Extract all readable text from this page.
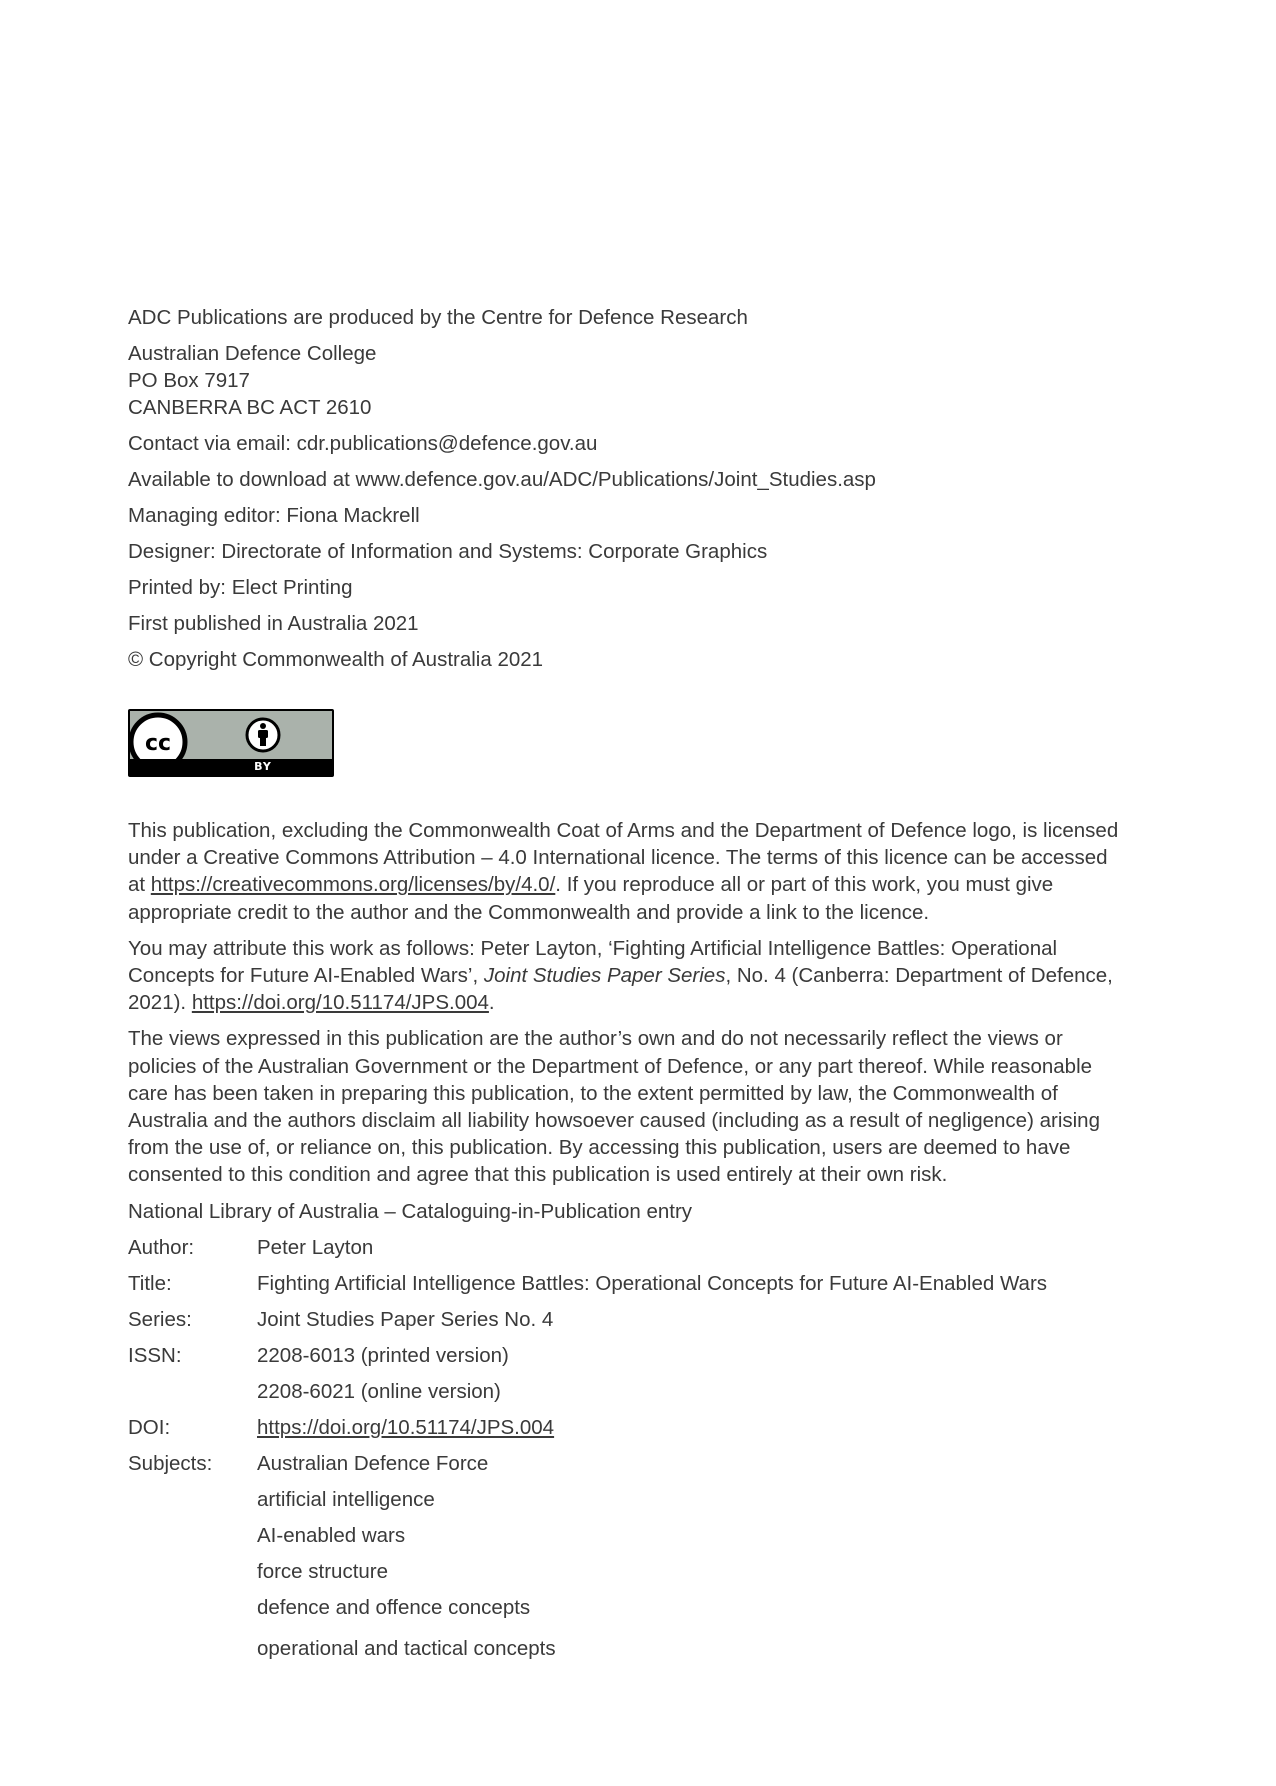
ADC Publications are produced by the Centre for Defence Research

Australian Defence College

PO Box 7917

CANBERRA BC ACT 2610

Contact via email: cdr.publications@defence.gov.au

Available to download at www.defence.gov.au/ADC/Publications/Joint_Studies.asp

Managing editor: Fiona Mackrell

Designer: Directorate of Information and Systems: Corporate Graphics

Printed by: Elect Printing

First published in Australia 2021

© Copyright Commonwealth of Australia 2021

cc
BY

This publication, excluding the Commonwealth Coat of Arms and the Department of Defence logo, is licensed under a Creative Commons Attribution – 4.0 International licence. The terms of this licence can be accessed at https://creativecommons.org/licenses/by/4.0/. If you reproduce all or part of this work, you must give appropriate credit to the author and the Commonwealth and provide a link to the licence.

You may attribute this work as follows: Peter Layton, ‘Fighting Artificial Intelligence Battles: Operational Concepts for Future AI-Enabled Wars’, Joint Studies Paper Series, No. 4 (Canberra: Department of Defence, 2021). https://doi.org/10.51174/JPS.004.

The views expressed in this publication are the author’s own and do not necessarily reflect the views or policies of the Australian Government or the Department of Defence, or any part thereof. While reasonable care has been taken in preparing this publication, to the extent permitted by law, the Commonwealth of Australia and the authors disclaim all liability howsoever caused (including as a result of negligence) arising from the use of, or reliance on, this publication. By accessing this publication, users are deemed to have consented to this condition and agree that this publication is used entirely at their own risk.

National Library of Australia – Cataloguing-in-Publication entry

Author:	Peter Layton
Title:	Fighting Artificial Intelligence Battles: Operational Concepts for Future AI-Enabled Wars
Series:	Joint Studies Paper Series No. 4
ISSN:	2208-6013 (printed version)
2208-6021 (online version)
DOI:	https://doi.org/10.51174/JPS.004
Subjects:	Australian Defence Force
artificial intelligence
AI-enabled wars
force structure
defence and offence concepts
operational and tactical concepts
